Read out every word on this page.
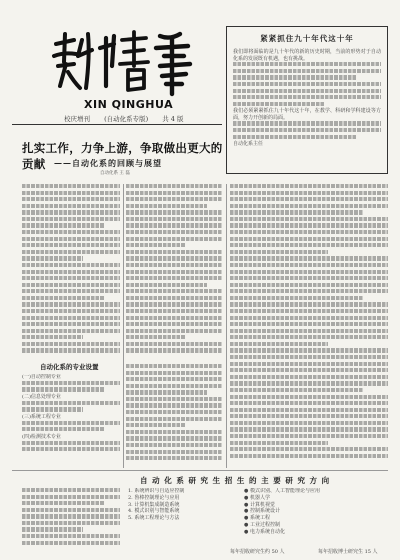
XIN QINGHUA
校庆增刊 (自动化系专版) 共 4 版
紧紧抓住九十年代这十年
我们即将面临的是九十年代的新的历史时期，当前的形势对于自动化系的发展既有机遇，也有挑战。
我们必须紧紧抓住九十年代这十年，在教学、科研和学科建设等方面，努力开创新的局面。
自动化系主任
扎实工作，力争上游，争取做出更大的贡献	——自动化系的回顾与展望
自动化系 王 磊
自动化系的专业设置
(一)自动控制专业
(二)信息处理专业
(三)系统工程专业
(四)检测技术专业
自 动 化 系 研 究 生 招 生 的 主 要 研 究 方 向
1. 系统辨识与自适应控制
2. 鲁棒控制理论与应用
3. 计算机集成制造系统
4. 模式识别与智能系统
5. 系统工程理论与方法
● 模式识别、人工智能理论与应用
● 机器人学
● 计算机视觉
● 控制系统设计
● 系统工程
● 工业过程控制
● 电力系统自动化
每年招收研究生约 50 人	每年招收博士研究生 15 人
